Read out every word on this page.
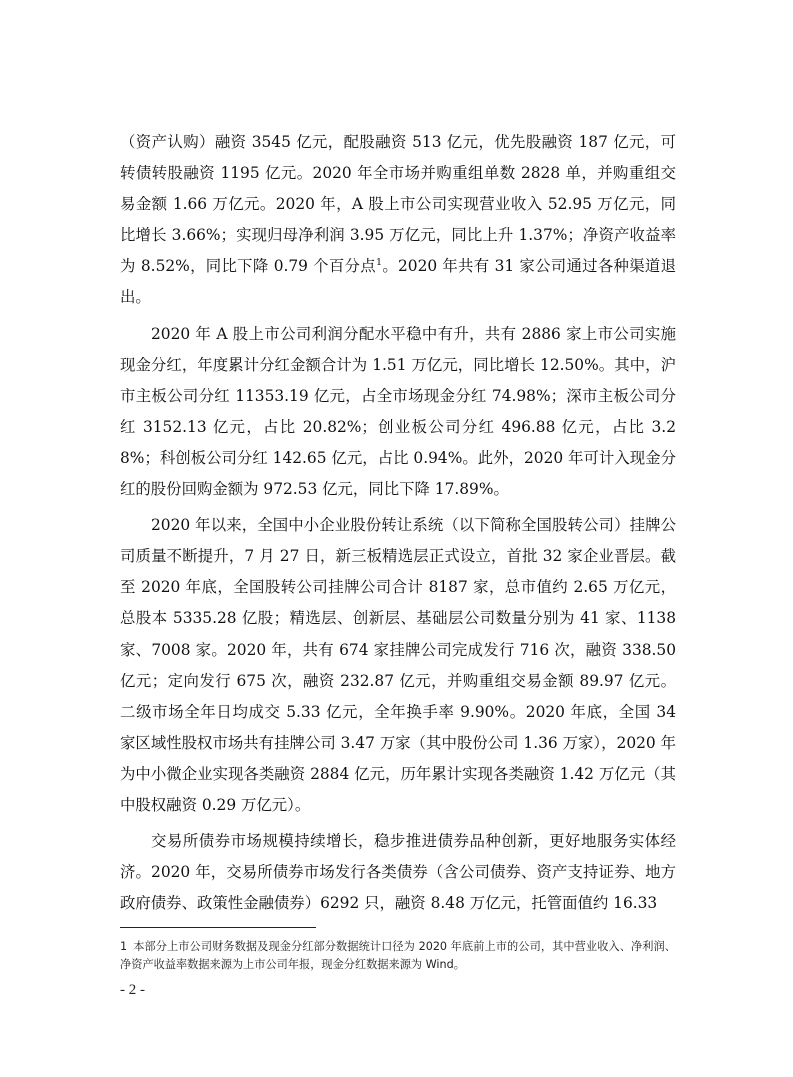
（资产认购）融资 3545 亿元，配股融资 513 亿元，优先股融资 187 亿元，可转债转股融资 1195 亿元。2020 年全市场并购重组单数 2828 单，并购重组交易金额 1.66 万亿元。2020 年，A 股上市公司实现营业收入 52.95 万亿元，同比增长 3.66%；实现归母净利润 3.95 万亿元，同比上升 1.37%；净资产收益率为 8.52%，同比下降 0.79 个百分点$^1$。2020 年共有 31 家公司通过各种渠道退出。

2020 年 A 股上市公司利润分配水平稳中有升，共有 2886 家上市公司实施现金分红，年度累计分红金额合计为 1.51 万亿元，同比增长 12.50%。其中，沪市主板公司分红 11353.19 亿元，占全市场现金分红 74.98%；深市主板公司分红 3152.13 亿元，占比 20.82%；创业板公司分红 496.88 亿元，占比 3.28%；科创板公司分红 142.65 亿元，占比 0.94%。此外，2020 年可计入现金分红的股份回购金额为 972.53 亿元，同比下降 17.89%。

2020 年以来，全国中小企业股份转让系统（以下简称全国股转公司）挂牌公司质量不断提升，7 月 27 日，新三板精选层正式设立，首批 32 家企业晋层。截至 2020 年底，全国股转公司挂牌公司合计 8187 家，总市值约 2.65 万亿元，总股本 5335.28 亿股；精选层、创新层、基础层公司数量分别为 41 家、1138 家、7008 家。2020 年，共有 674 家挂牌公司完成发行 716 次，融资 338.50 亿元；定向发行 675 次，融资 232.87 亿元，并购重组交易金额 89.97 亿元。二级市场全年日均成交 5.33 亿元，全年换手率 9.90%。2020 年底，全国 34 家区域性股权市场共有挂牌公司 3.47 万家（其中股份公司 1.36 万家），2020 年为中小微企业实现各类融资 2884 亿元，历年累计实现各类融资 1.42 万亿元（其中股权融资 0.29 万亿元）。

交易所债券市场规模持续增长，稳步推进债券品种创新，更好地服务实体经济。2020 年，交易所债券市场发行各类债券（含公司债券、资产支持证券、地方政府债券、政策性金融债券）6292 只，融资 8.48 万亿元，托管面值约 16.33

1 本部分上市公司财务数据及现金分红部分数据统计口径为 2020 年底前上市的公司，其中营业收入、净利润、净资产收益率数据来源为上市公司年报，现金分红数据来源为 Wind。

- 2 -
